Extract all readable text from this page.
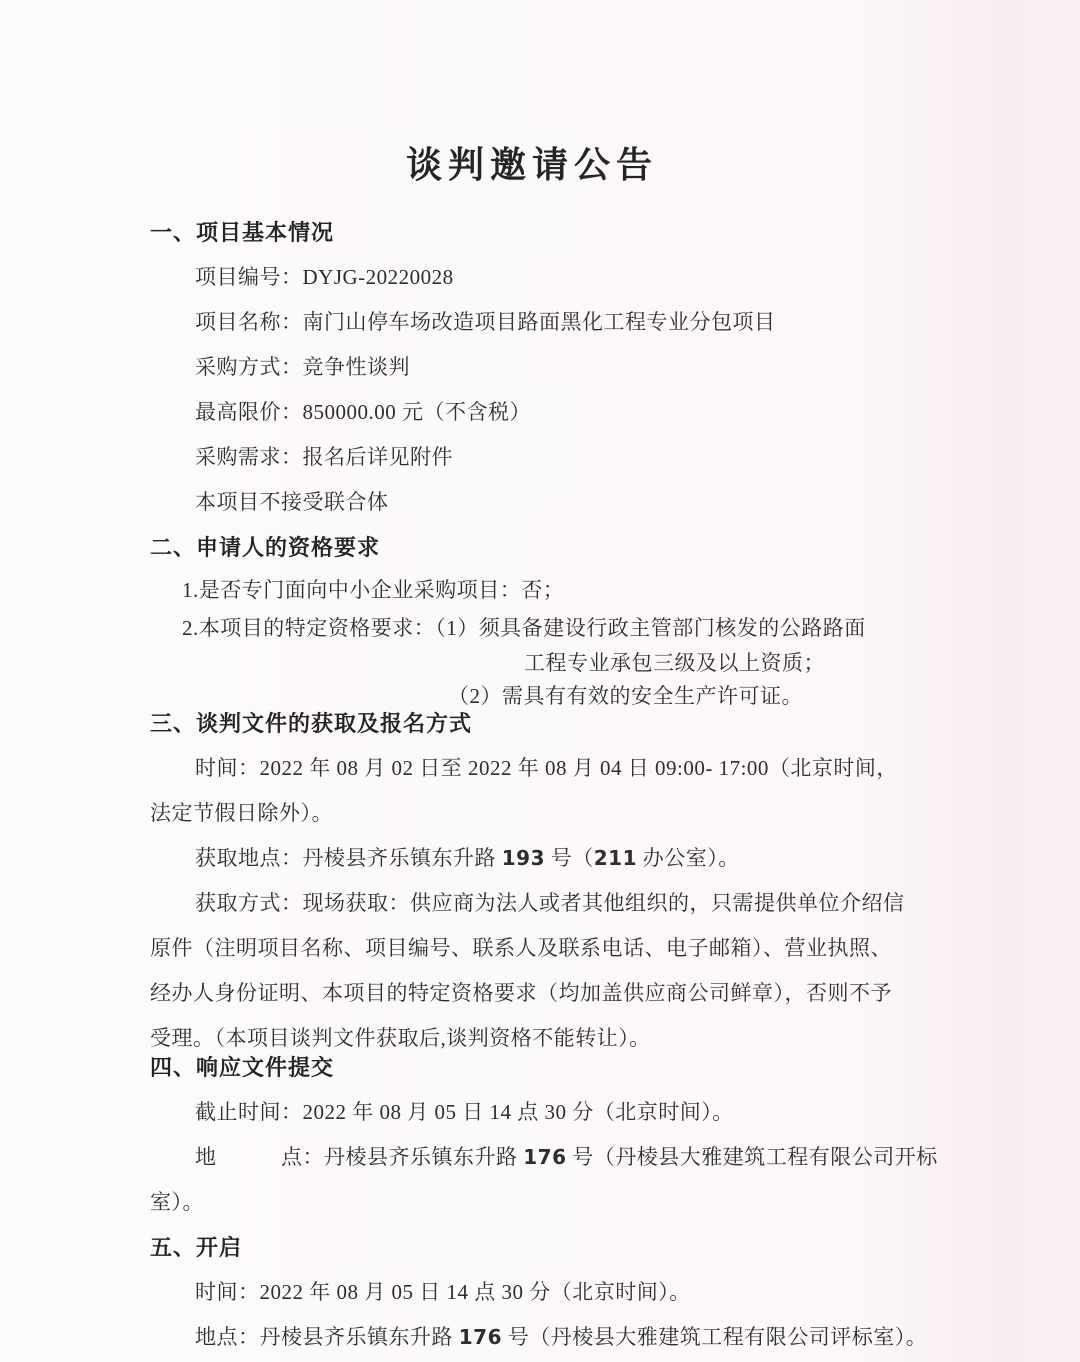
谈判邀请公告
一、项目基本情况
项目编号：DYJG-20220028
项目名称：南门山停车场改造项目路面黑化工程专业分包项目
采购方式：竞争性谈判
最高限价：850000.00 元（不含税）
采购需求：报名后详见附件
本项目不接受联合体
二、申请人的资格要求
1.是否专门面向中小企业采购项目：否；
2.本项目的特定资格要求：（1）须具备建设行政主管部门核发的公路路面
工程专业承包三级及以上资质；
（2）需具有有效的安全生产许可证。
三、谈判文件的获取及报名方式
时间：2022 年 08 月 02 日至 2022 年 08 月 04 日 09:00- 17:00（北京时间，
法定节假日除外）。
获取地点：丹棱县齐乐镇东升路 193 号（211 办公室）。
获取方式：现场获取：供应商为法人或者其他组织的，只需提供单位介绍信
原件（注明项目名称、项目编号、联系人及联系电话、电子邮箱）、营业执照、
经办人身份证明、本项目的特定资格要求（均加盖供应商公司鲜章），否则不予
受理。（本项目谈判文件获取后,谈判资格不能转让）。
四、响应文件提交
截止时间：2022 年 08 月 05 日 14 点 30 分（北京时间）。
地　　　点：丹棱县齐乐镇东升路 176 号（丹棱县大雅建筑工程有限公司开标
室）。
五、开启
时间：2022 年 08 月 05 日 14 点 30 分（北京时间）。
地点：丹棱县齐乐镇东升路 176 号（丹棱县大雅建筑工程有限公司评标室）。
